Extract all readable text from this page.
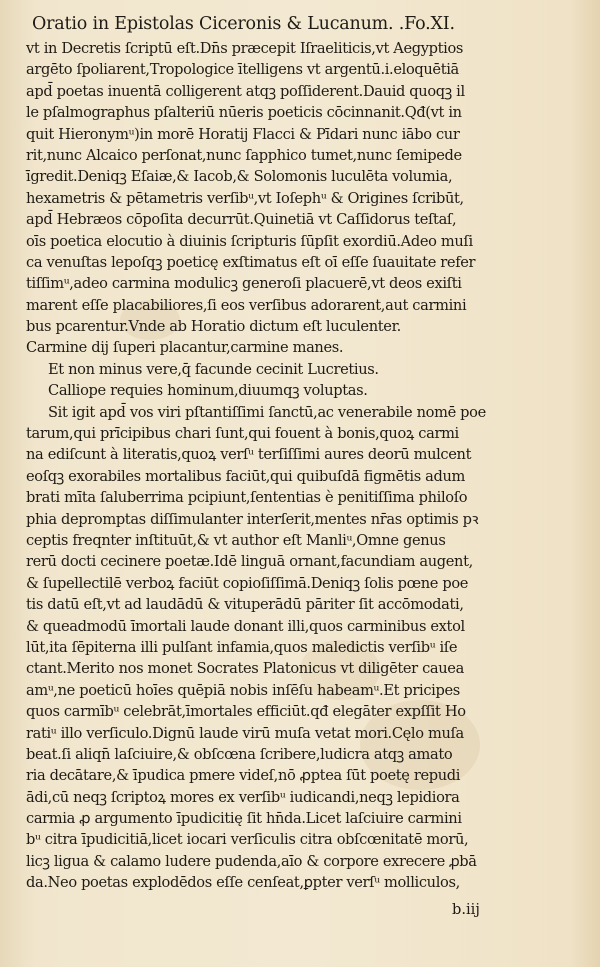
Oratio in Epistolas Ciceronis & Lucanum. .Fo.XI.
vt in Decretis ſcriptū eſt.Dn̄s præcepit Iſraeliticis,vt Aegyptios
argēto ſpoliarent,Tropologice ītelligens vt argentū.i.eloquētiā
apd̄ poetas inuentā colligerent atqꝫ poſſiderent.Dauid quoqꝫ il
le pſalmographus pſalteriū nūeris poeticis cōcinnanit.Qđ(vt in
quit Hieronymᵘ)in morē Horatij Flacci & Pīdari nunc iābo cur
rit,nunc Alcaico perſonat,nunc ſapphico tumet,nunc ſemipede
īgredit.Deniqꝫ Eſaiæ,& Iacob,& Solomonis luculēta volumia,
hexametris & pētametris verſibᵘ,vt Ioſephᵘ & Origines ſcribūt,
apd̄ Hebræos cōpoſita decurrūt.Quinetiā vt Caſſidorus teſtaſ,
oīs poetica elocutio à diuinis ſcripturis ſūpſit exordiū.Adeo muſi
ca venuſtas lepoſqꝫ poeticę exſtimatus eſt oī eſſe ſuauitate refer
tiſſimᵘ,adeo carmina modulicꝫ generoſi placuerē,vt deos exiſti
marent eſſe placabiliores,ſi eos verſibus adorarent,aut carmini
bus pcarentur.Vnde ab Horatio dictum eſt luculenter.
Carmine dij ſuperi placantur,carmine manes.
Et non minus vere,q̄ facunde cecinit Lucretius.
Calliope requies hominum,diuumqꝫ voluptas.
Sit igit apd̄ vos viri pſtantiſſimi ſanctū,ac venerabile nomē poe
tarum,qui prīcipibus chari ſunt,qui fouent à bonis,quoꝝ carmi
na ediſcunt à literatis,quoꝝ verſᵘ terſiſſimi aures deorū mulcent
eoſqꝫ exorabiles mortalibus faciūt,qui quibuſdā figmētis adum
brati mīta ſaluberrima pcipiunt,ſententias è penitiſſima philoſo
phia depromptas diſſimulanter interſerit,mentes nr̄as optimis pꝛ
ceptis freqnter inſtituūt,& vt author eſt Manliᵘ,Omne genus
rerū docti cecinere poetæ.Idē linguā ornant,facundiam augent,
& ſupellectilē verboꝝ faciūt copioſiſſimā.Deniqꝫ ſolis pœne poe
tis datū eſt,vt ad laudādū & vituperādū pāriter ſit accōmodati,
& queadmodū īmortali laude donant illi,quos carminibus extol
lūt,ita ſēpiterna illi pulſant infamia,quos maledictis verſibᵘ iſe
ctant.Merito nos monet Socrates Platonicus vt diligēter cauea
amᵘ,ne poeticū hoīes quēpiā nobis inſēſu habeamᵘ.Et pricipes
quos carmībᵘ celebrāt,īmortales efficiūt.qđ elegāter expſſit Ho
ratiᵘ illo verſiculo.Dignū laude virū muſa vetat mori.Cęlo muſa
beat.ſi aliqn̄ laſciuire,& obſcœna ſcribere,ludicra atqꝫ amato
ria decātare,& īpudica pmere videſ,nō ꝓptea ſūt poetę repudi
ādi,cū neqꝫ ſcriptoꝝ mores ex verſibᵘ iudicandi,neqꝫ lepidiora
carmia ꝓ argumento īpudicitię ſit hn̄da.Licet laſciuire carmini
bᵘ citra īpudicitiā,licet iocari verſiculis citra obſcœnitatē morū,
licꝫ ligua & calamo ludere pudenda,aīo & corpore exrecere ꝓbā
da.Neo poetas explodēdos eſſe cenſeat,ꝑpter verſᵘ molliculos,
b.iij
